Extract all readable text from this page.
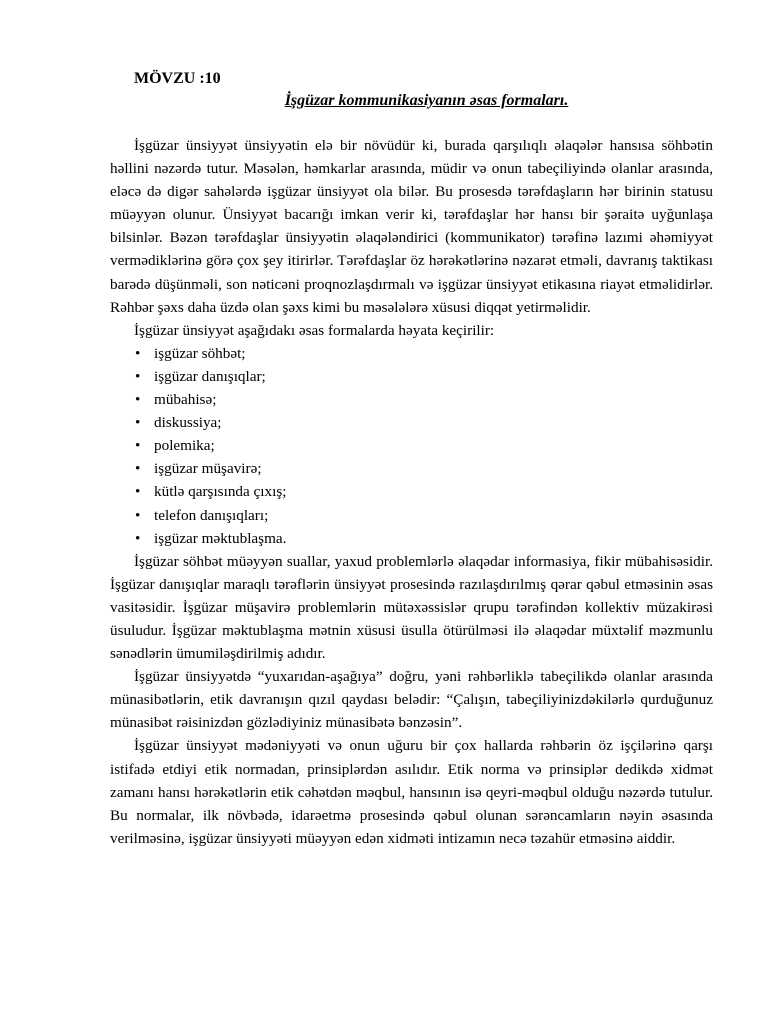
MÖVZU :10
İşgüzar kommunikasiyanın əsas formaları.

İşgüzar ünsiyyət ünsiyyətin elə bir növüdür ki, burada qarşılıqlı əlaqələr hansısa söhbətin həllini nəzərdə tutur. Məsələn, həmkarlar arasında, müdir və onun tabeçiliyində olanlar arasında, eləcə də digər sahələrdə işgüzar ünsiyyət ola bilər. Bu prosesdə tərəfdaşların hər birinin statusu müəyyən olunur. Ünsiyyət bacarığı imkan verir ki, tərəfdaşlar hər hansı bir şəraitə uyğunlaşa bilsinlər. Bəzən tərəfdaşlar ünsiyyətin əlaqələndirici (kommunikator) tərəfinə lazımi əhəmiyyət vermədiklərinə görə çox şey itirirlər. Tərəfdaşlar öz hərəkətlərinə nəzarət etməli, davranış taktikası barədə düşünməli, son nəticəni proqnozlaşdırmalı və işgüzar ünsiyyət etikasına riayət etməlidirlər. Rəhbər şəxs daha üzdə olan şəxs kimi bu məsələlərə xüsusi diqqət yetirməlidir.

İşgüzar ünsiyyət aşağıdakı əsas formalarda həyata keçirilir:

• işgüzar söhbət;
• işgüzar danışıqlar;
• mübahisə;
• diskussiya;
• polemika;
• işgüzar müşavirə;
• kütlə qarşısında çıxış;
• telefon danışıqları;
• işgüzar məktublaşma.

İşgüzar söhbət müəyyən suallar, yaxud problemlərlə əlaqədar informasiya, fikir mübahisəsidir. İşgüzar danışıqlar maraqlı tərəflərin ünsiyyət prosesində razılaşdırılmış qərar qəbul etməsinin əsas vasitəsidir. İşgüzar müşavirə problemlərin mütəxəssislər qrupu tərəfindən kollektiv müzakirəsi üsuludur. İşgüzar məktublaşma mətnin xüsusi üsulla ötürülməsi ilə əlaqədar müxtəlif məzmunlu sənədlərin ümumiləşdirilmiş adıdır.

İşgüzar ünsiyyətdə “yuxarıdan-aşağıya” doğru, yəni rəhbərliklə tabeçilikdə olanlar arasında münasibətlərin, etik davranışın qızıl qaydası belədir: “Çalışın, tabeçiliyinizdəkilərlə qurduğunuz münasibət rəisinizdən gözlədiyiniz münasibətə bənzəsin”.

İşgüzar ünsiyyət mədəniyyəti və onun uğuru bir çox hallarda rəhbərin öz işçilərinə qarşı istifadə etdiyi etik normadan, prinsiplərdən asılıdır. Etik norma və prinsiplər dedikdə xidmət zamanı hansı hərəkətlərin etik cəhətdən məqbul, hansının isə qeyri-məqbul olduğu nəzərdə tutulur. Bu normalar, ilk növbədə, idarəetmə prosesində qəbul olunan sərəncamların nəyin əsasında verilməsinə, işgüzar ünsiyyəti müəyyən edən xidməti intizamın necə təzahür etməsinə aiddir.
